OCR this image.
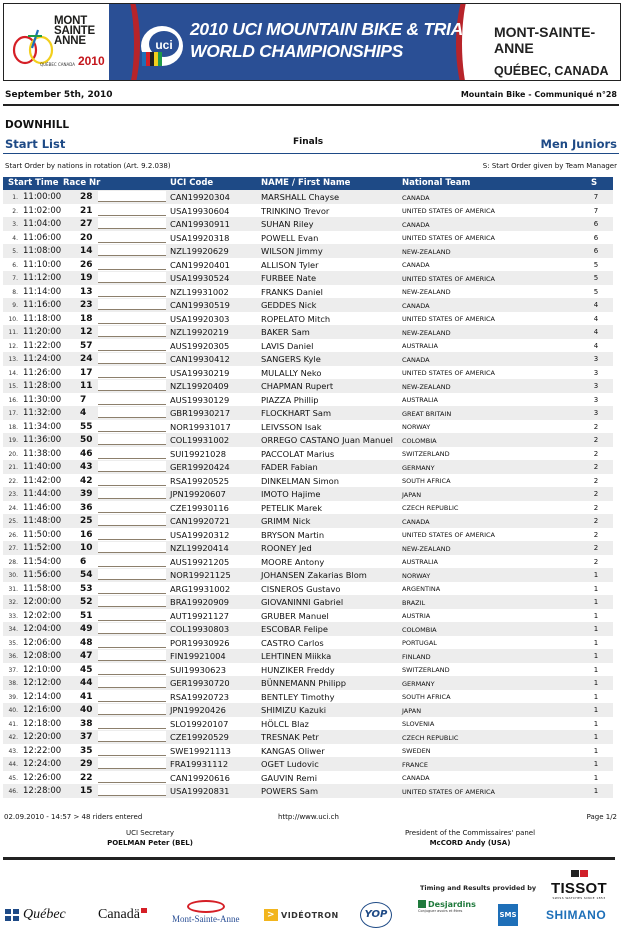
MONT
SAINTE
ANNE
QUÉBEC CANADA 2010
uci
2010 UCI MOUNTAIN BIKE & TRIALS
WORLD CHAMPIONSHIPS
MONT-SAINTE-ANNE
QUÉBEC, CANADA
September 5th, 2010	Mountain Bike - Communiqué n°28
DOWNHILL
Start List	Finals	Men Juniors
Start Order by nations in rotation (Art. 9.2.038)	S: Start Order given by Team Manager
Start Time Race Nr	UCI Code	NAME / First Name	National Team	S
1. 11:00:00 28	CAN19920304	MARSHALL Chayse	CANADA	7
2. 11:02:00 21	USA19930604	TRINKINO Trevor	UNITED STATES OF AMERICA	7
3. 11:04:00 27	CAN19930911	SUHAN Riley	CANADA	6
4. 11:06:00 20	USA19920318	POWELL Evan	UNITED STATES OF AMERICA	6
5. 11:08:00 14	NZL19920629	WILSON Jimmy	NEW-ZEALAND	6
6. 11:10:00 26	CAN19920401	ALLISON Tyler	CANADA	5
7. 11:12:00 19	USA19930524	FURBEE Nate	UNITED STATES OF AMERICA	5
8. 11:14:00 13	NZL19931002	FRANKS Daniel	NEW-ZEALAND	5
9. 11:16:00 23	CAN19930519	GEDDES Nick	CANADA	4
10. 11:18:00 18	USA19920303	ROPELATO Mitch	UNITED STATES OF AMERICA	4
11. 11:20:00 12	NZL19920219	BAKER Sam	NEW-ZEALAND	4
12. 11:22:00 57	AUS19920305	LAVIS Daniel	AUSTRALIA	4
13. 11:24:00 24	CAN19930412	SANGERS Kyle	CANADA	3
14. 11:26:00 17	USA19930219	MULALLY Neko	UNITED STATES OF AMERICA	3
15. 11:28:00 11	NZL19920409	CHAPMAN Rupert	NEW-ZEALAND	3
16. 11:30:00 7	AUS19930129	PIAZZA Phillip	AUSTRALIA	3
17. 11:32:00 4	GBR19930217	FLOCKHART Sam	GREAT BRITAIN	3
18. 11:34:00 55	NOR19931017	LEIVSSON Isak	NORWAY	2
19. 11:36:00 50	COL19931002	ORREGO CASTANO Juan Manuel COLOMBIA	2
20. 11:38:00 46	SUI19921028	PACCOLAT Marius	SWITZERLAND	2
21. 11:40:00 43	GER19920424	FADER Fabian	GERMANY	2
22. 11:42:00 42	RSA19920525	DINKELMAN Simon	SOUTH AFRICA	2
23. 11:44:00 39	JPN19920607	IMOTO Hajime	JAPAN	2
24. 11:46:00 36	CZE19930116	PETELIK Marek	CZECH REPUBLIC	2
25. 11:48:00 25	CAN19920721	GRIMM Nick	CANADA	2
26. 11:50:00 16	USA19920312	BRYSON Martin	UNITED STATES OF AMERICA	2
27. 11:52:00 10	NZL19920414	ROONEY Jed	NEW-ZEALAND	2
28. 11:54:00 6	AUS19921205	MOORE Antony	AUSTRALIA	2
30. 11:56:00 54	NOR19921125	JOHANSEN Zakarias Blom	NORWAY	1
31. 11:58:00 53	ARG19931002	CISNEROS Gustavo	ARGENTINA	1
32. 12:00:00 52	BRA19920909	GIOVANINNI Gabriel	BRAZIL	1
33. 12:02:00 51	AUT19921127	GRUBER Manuel	AUSTRIA	1
34. 12:04:00 49	COL19930803	ESCOBAR Felipe	COLOMBIA	1
35. 12:06:00 48	POR19930926	CASTRO Carlos	PORTUGAL	1
36. 12:08:00 47	FIN19921004	LEHTINEN Miikka	FINLAND	1
37. 12:10:00 45	SUI19930623	HUNZIKER Freddy	SWITZERLAND	1
38. 12:12:00 44	GER19930720	BÜNNEMANN Philipp	GERMANY	1
39. 12:14:00 41	RSA19920723	BENTLEY Timothy	SOUTH AFRICA	1
40. 12:16:00 40	JPN19920426	SHIMIZU Kazuki	JAPAN	1
41. 12:18:00 38	SLO19920107	HÖLCL Blaz	SLOVENIA	1
42. 12:20:00 37	CZE19920529	TRESNAK Petr	CZECH REPUBLIC	1
43. 12:22:00 35	SWE19921113	KANGAS Oliwer	SWEDEN	1
44. 12:24:00 29	FRA19931112	OGET Ludovic	FRANCE	1
45. 12:26:00 22	CAN19920616	GAUVIN Remi	CANADA	1
46. 12:28:00 15	USA19920831	POWERS Sam	UNITED STATES OF AMERICA	1
02.09.2010 - 14:57 > 48 riders entered	http://www.uci.ch	Page 1/2
UCI Secretary
POELMAN Peter (BEL)
President of the Commissaires' panel
McCORD Andy (USA)
Timing and Results provided by TISSOT
SWISS WATCHES SINCE 1853
Québec Canadä	Mont-Sainte-Anne	> VIDÉOTRON	YOP
Desjardins
Conjuguer avoirs et êtres	SMS SHIMANO
